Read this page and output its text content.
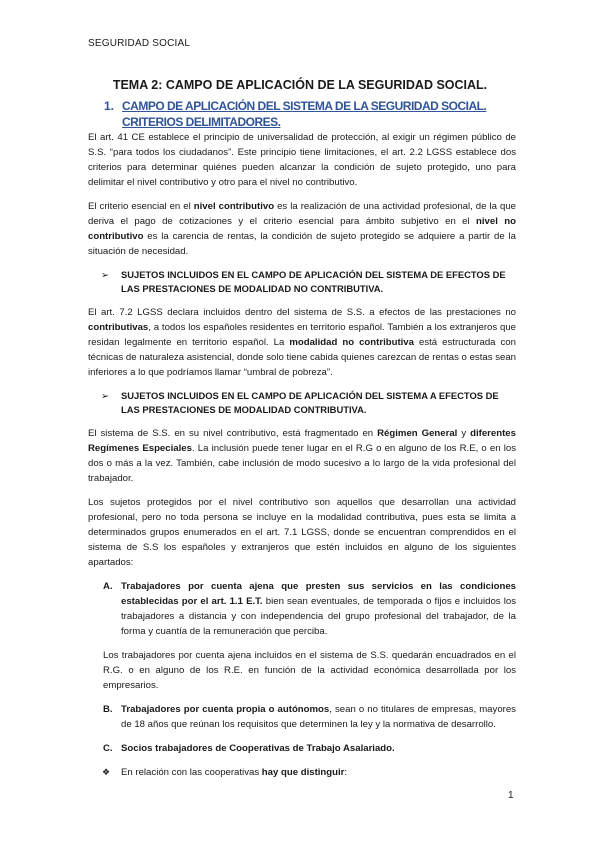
SEGURIDAD SOCIAL
TEMA 2: CAMPO DE APLICACIÓN DE LA SEGURIDAD SOCIAL.
1. CAMPO DE APLICACIÓN DEL SISTEMA DE LA SEGURIDAD SOCIAL. CRITERIOS DELIMITADORES.

El art. 41 CE establece el principio de universalidad de protección, al exigir un régimen público de S.S. “para todos los ciudadanos”. Este principio tiene limitaciones, el art. 2.2 LGSS establece dos criterios para determinar quiénes pueden alcanzar la condición de sujeto protegido, uno para delimitar el nivel contributivo y otro para el nivel no contributivo.

El criterio esencial en el nivel contributivo es la realización de una actividad profesional, de la que deriva el pago de cotizaciones y el criterio esencial para ámbito subjetivo en el nivel no contributivo es la carencia de rentas, la condición de sujeto protegido se adquiere a partir de la situación de necesidad.

➢ SUJETOS INCLUIDOS EN EL CAMPO DE APLICACIÓN DEL SISTEMA DE EFECTOS DE LAS PRESTACIONES DE MODALIDAD NO CONTRIBUTIVA.

El art. 7.2 LGSS declara incluidos dentro del sistema de S.S. a efectos de las prestaciones no contributivas, a todos los españoles residentes en territorio español. También a los extranjeros que residan legalmente en territorio español. La modalidad no contributiva está estructurada con técnicas de naturaleza asistencial, donde solo tiene cabida quienes carezcan de rentas o estas sean inferiores a lo que podríamos llamar “umbral de pobreza”.

➢ SUJETOS INCLUIDOS EN EL CAMPO DE APLICACIÓN DEL SISTEMA A EFECTOS DE LAS PRESTACIONES DE MODALIDAD CONTRIBUTIVA.

El sistema de S.S. en su nivel contributivo, está fragmentado en Régimen General y diferentes Regímenes Especiales. La inclusión puede tener lugar en el R.G o en alguno de los R.E, o en los dos o más a la vez. También, cabe inclusión de modo sucesivo a lo largo de la vida profesional del trabajador.

Los sujetos protegidos por el nivel contributivo son aquellos que desarrollan una actividad profesional, pero no toda persona se incluye en la modalidad contributiva, pues esta se limita a determinados grupos enumerados en el art. 7.1 LGSS, donde se encuentran comprendidos en el sistema de S.S los españoles y extranjeros que estén incluidos en alguno de los siguientes apartados:

A. Trabajadores por cuenta ajena que presten sus servicios en las condiciones establecidas por el art. 1.1 E.T. bien sean eventuales, de temporada o fijos e incluidos los trabajadores a distancia y con independencia del grupo profesional del trabajador, de la forma y cuantía de la remuneración que perciba.

Los trabajadores por cuenta ajena incluidos en el sistema de S.S. quedarán encuadrados en el R.G. o en alguno de los R.E. en función de la actividad económica desarrollada por los empresarios.

B. Trabajadores por cuenta propia o autónomos, sean o no titulares de empresas, mayores de 18 años que reúnan los requisitos que determinen la ley y la normativa de desarrollo.
C. Socios trabajadores de Cooperativas de Trabajo Asalariado.
❖ En relación con las cooperativas hay que distinguir:
1
